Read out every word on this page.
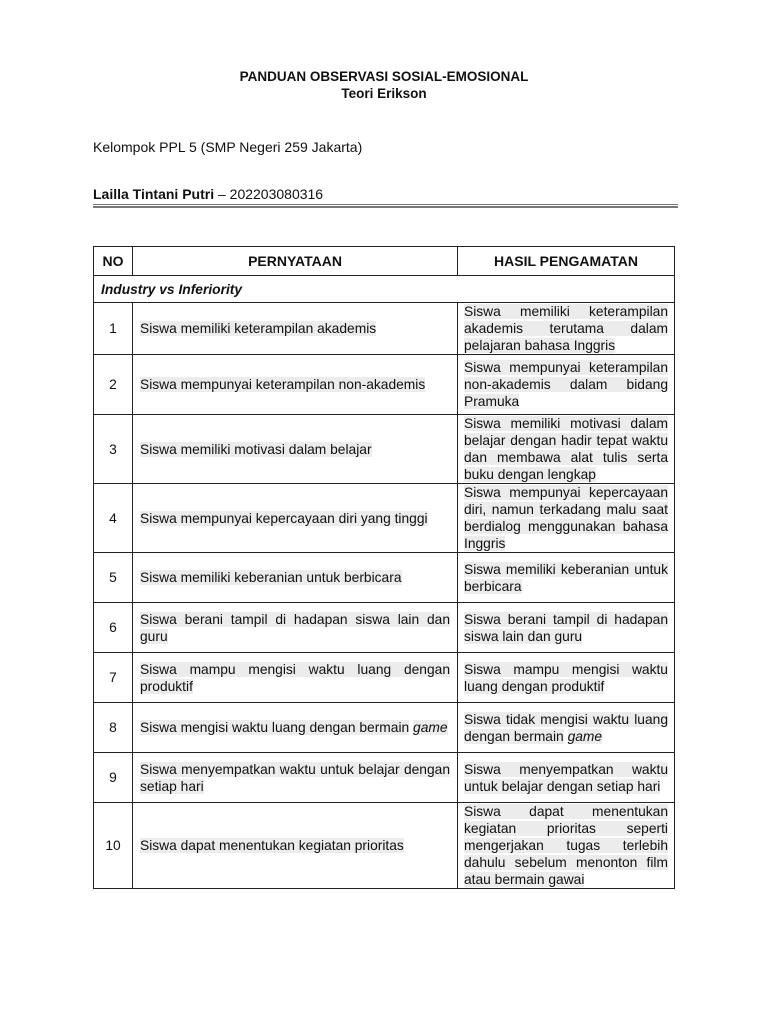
PANDUAN OBSERVASI SOSIAL-EMOSIONAL
Teori Erikson
Kelompok PPL 5 (SMP Negeri 259 Jakarta)
Lailla Tintani Putri – 202203080316
NO	PERNYATAAN	HASIL PENGAMATAN
Industry vs Inferiority		
1	Siswa memiliki keterampilan akademis	Siswa memiliki keterampilan akademis terutama dalam pelajaran bahasa Inggris
2	Siswa mempunyai keterampilan non-akademis	Siswa mempunyai keterampilan non-akademis dalam bidang Pramuka
3	Siswa memiliki motivasi dalam belajar	Siswa memiliki motivasi dalam belajar dengan hadir tepat waktu dan membawa alat tulis serta buku dengan lengkap
4	Siswa mempunyai kepercayaan diri yang tinggi	Siswa mempunyai kepercayaan diri, namun terkadang malu saat berdialog menggunakan bahasa Inggris
5	Siswa memiliki keberanian untuk berbicara	Siswa memiliki keberanian untuk berbicara
6	Siswa berani tampil di hadapan siswa lain dan guru	Siswa berani tampil di hadapan siswa lain dan guru
7	Siswa mampu mengisi waktu luang dengan produktif	Siswa mampu mengisi waktu luang dengan produktif
8	Siswa mengisi waktu luang dengan bermain game	Siswa tidak mengisi waktu luang dengan bermain game
9	Siswa menyempatkan waktu untuk belajar dengan setiap hari	Siswa menyempatkan waktu untuk belajar dengan setiap hari
10	Siswa dapat menentukan kegiatan prioritas	Siswa dapat menentukan kegiatan prioritas seperti mengerjakan tugas terlebih dahulu sebelum menonton film atau bermain gawai
